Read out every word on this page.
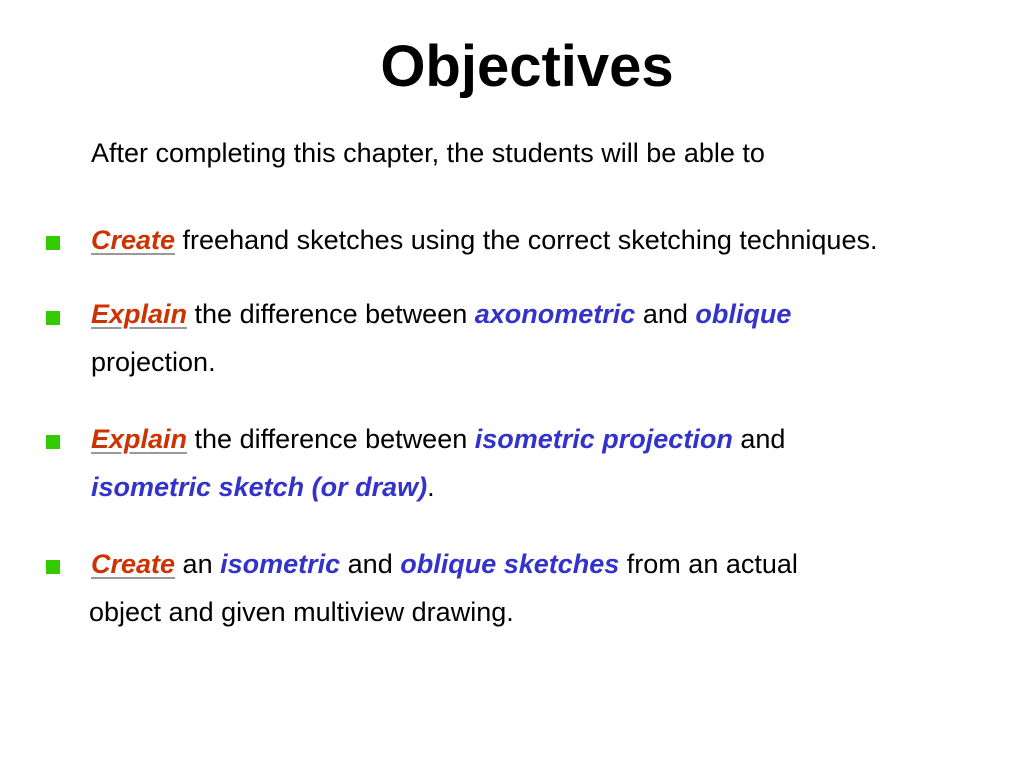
Objectives
After completing this chapter, the students will be able to
Create freehand sketches using the correct sketching techniques.
Explain the difference between axonometric and oblique
projection.
Explain the difference between isometric projection and
isometric sketch (or draw).
Create an isometric and oblique sketches from an actual
object and given multiview drawing.
